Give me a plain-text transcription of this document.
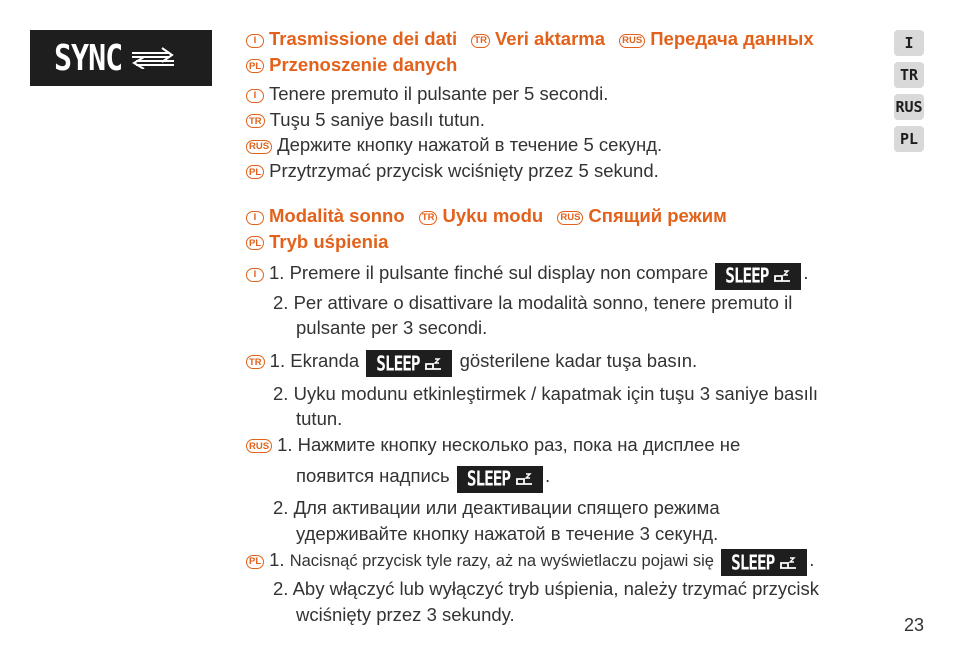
SYNC	I
TR
RUS
PL
I Trasmissione dei dati TR Veri aktarma RUS Передача данных
PL Przenoszenie danych
I Tenere premuto il pulsante per 5 secondi.
TR Tuşu 5 saniye basılı tutun.
RUS Держите кнопку нажатой в течение 5 секунд.
PL Przytrzymać przycisk wciśnięty przez 5 sekund.
I Modalità sonno TR Uyku modu RUS Спящий режим
PL Tryb uśpienia
I 1. Premere il pulsante finché sul display non compare SLEEP .
2. Per attivare o disattivare la modalità sonno, tenere premuto il
pulsante per 3 secondi.
TR 1. Ekranda SLEEP gösterilene kadar tuşa basın.
2. Uyku modunu etkinleştirmek / kapatmak için tuşu 3 saniye basılı
tutun.
RUS 1. Нажмите кнопку несколько раз, пока на дисплее не
появится надпись SLEEP .
2. Для активации или деактивации спящего режима
удерживайте кнопку нажатой в течение 3 секунд.
PL 1. Nacisnąć przycisk tyle razy, aż na wyświetlaczu pojawi się SLEEP .
2. Aby włączyć lub wyłączyć tryb uśpienia, należy trzymać przycisk
wciśnięty przez 3 sekundy.
23
